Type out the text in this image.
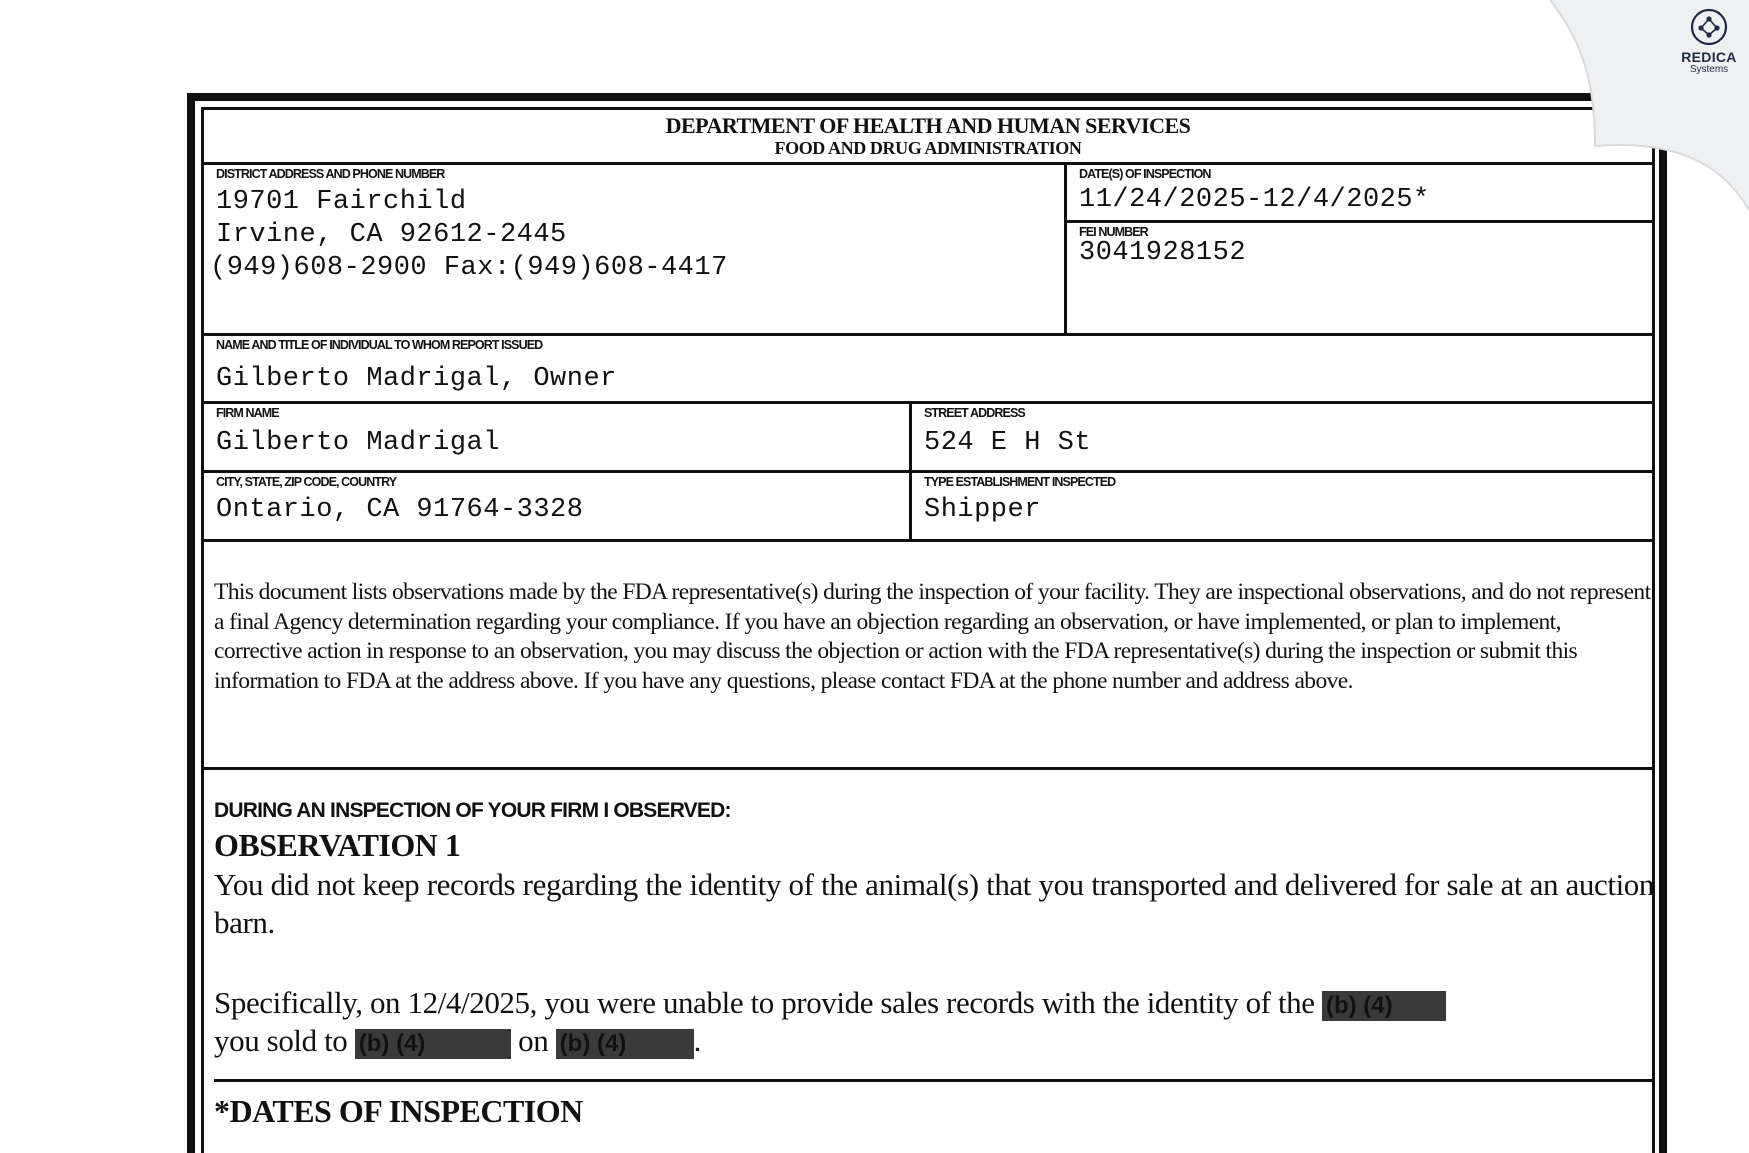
DEPARTMENT OF HEALTH AND HUMAN SERVICES
FOOD AND DRUG ADMINISTRATION
DISTRICT ADDRESS AND PHONE NUMBER
19701 Fairchild
Irvine, CA 92612-2445
(949)608-2900 Fax:(949)608-4417
DATE(S) OF INSPECTION
11/24/2025-12/4/2025*
FEI NUMBER
3041928152
NAME AND TITLE OF INDIVIDUAL TO WHOM REPORT ISSUED
Gilberto Madrigal, Owner
FIRM NAME
Gilberto Madrigal
STREET ADDRESS
524 E H St
CITY, STATE, ZIP CODE, COUNTRY
Ontario, CA 91764-3328
TYPE ESTABLISHMENT INSPECTED
Shipper
This document lists observations made by the FDA representative(s) during the inspection of your facility. They are inspectional observations, and do not represent a final Agency determination regarding your compliance. If you have an objection regarding an observation, or have implemented, or plan to implement, corrective action in response to an observation, you may discuss the objection or action with the FDA representative(s) during the inspection or submit this information to FDA at the address above. If you have any questions, please contact FDA at the phone number and address above.
DURING AN INSPECTION OF YOUR FIRM I OBSERVED:
OBSERVATION 1
You did not keep records regarding the identity of the animal(s) that you transported and delivered for sale at an auction barn.
Specifically, on 12/4/2025, you were unable to provide sales records with the identity of the (b) (4)
you sold to (b) (4)	on (b) (4) .
*DATES OF INSPECTION
REDICA
Systems
